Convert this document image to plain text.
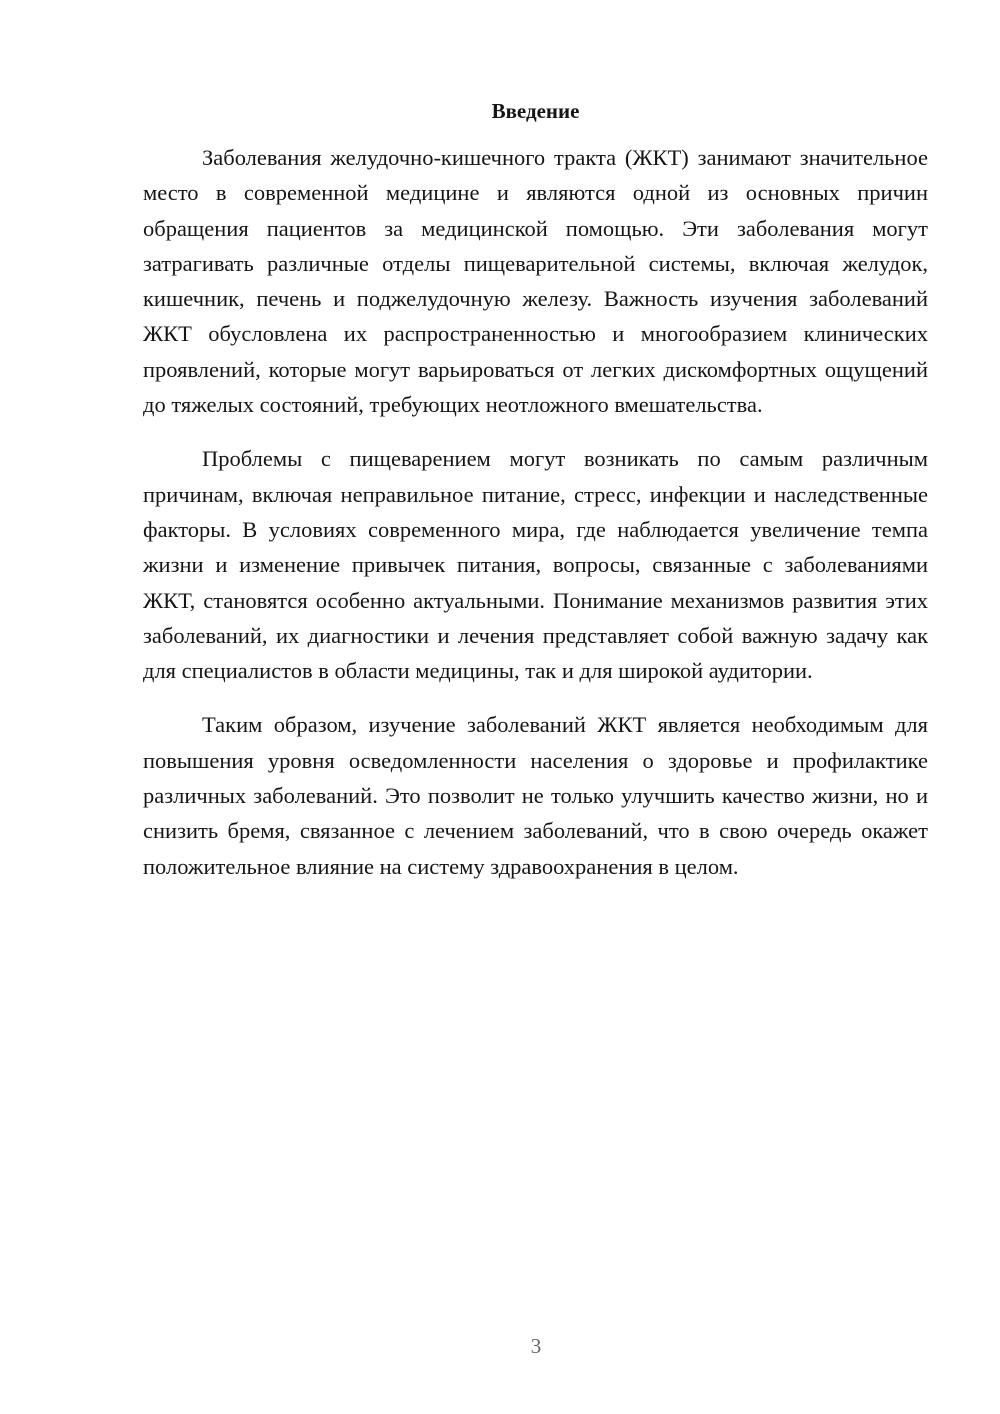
Введение

Заболевания желудочно-кишечного тракта (ЖКТ) занимают значительное место в современной медицине и являются одной из основных причин обращения пациентов за медицинской помощью. Эти заболевания могут затрагивать различные отделы пищеварительной системы, включая желудок, кишечник, печень и поджелудочную железу. Важность изучения заболеваний ЖКТ обусловлена их распространенностью и многообразием клинических проявлений, которые могут варьироваться от легких дискомфортных ощущений до тяжелых состояний, требующих неотложного вмешательства.

Проблемы с пищеварением могут возникать по самым различным причинам, включая неправильное питание, стресс, инфекции и наследственные факторы. В условиях современного мира, где наблюдается увеличение темпа жизни и изменение привычек питания, вопросы, связанные с заболеваниями ЖКТ, становятся особенно актуальными. Понимание механизмов развития этих заболеваний, их диагностики и лечения представляет собой важную задачу как для специалистов в области медицины, так и для широкой аудитории.

Таким образом, изучение заболеваний ЖКТ является необходимым для повышения уровня осведомленности населения о здоровье и профилактике различных заболеваний. Это позволит не только улучшить качество жизни, но и снизить бремя, связанное с лечением заболеваний, что в свою очередь окажет положительное влияние на систему здравоохранения в целом.

3
